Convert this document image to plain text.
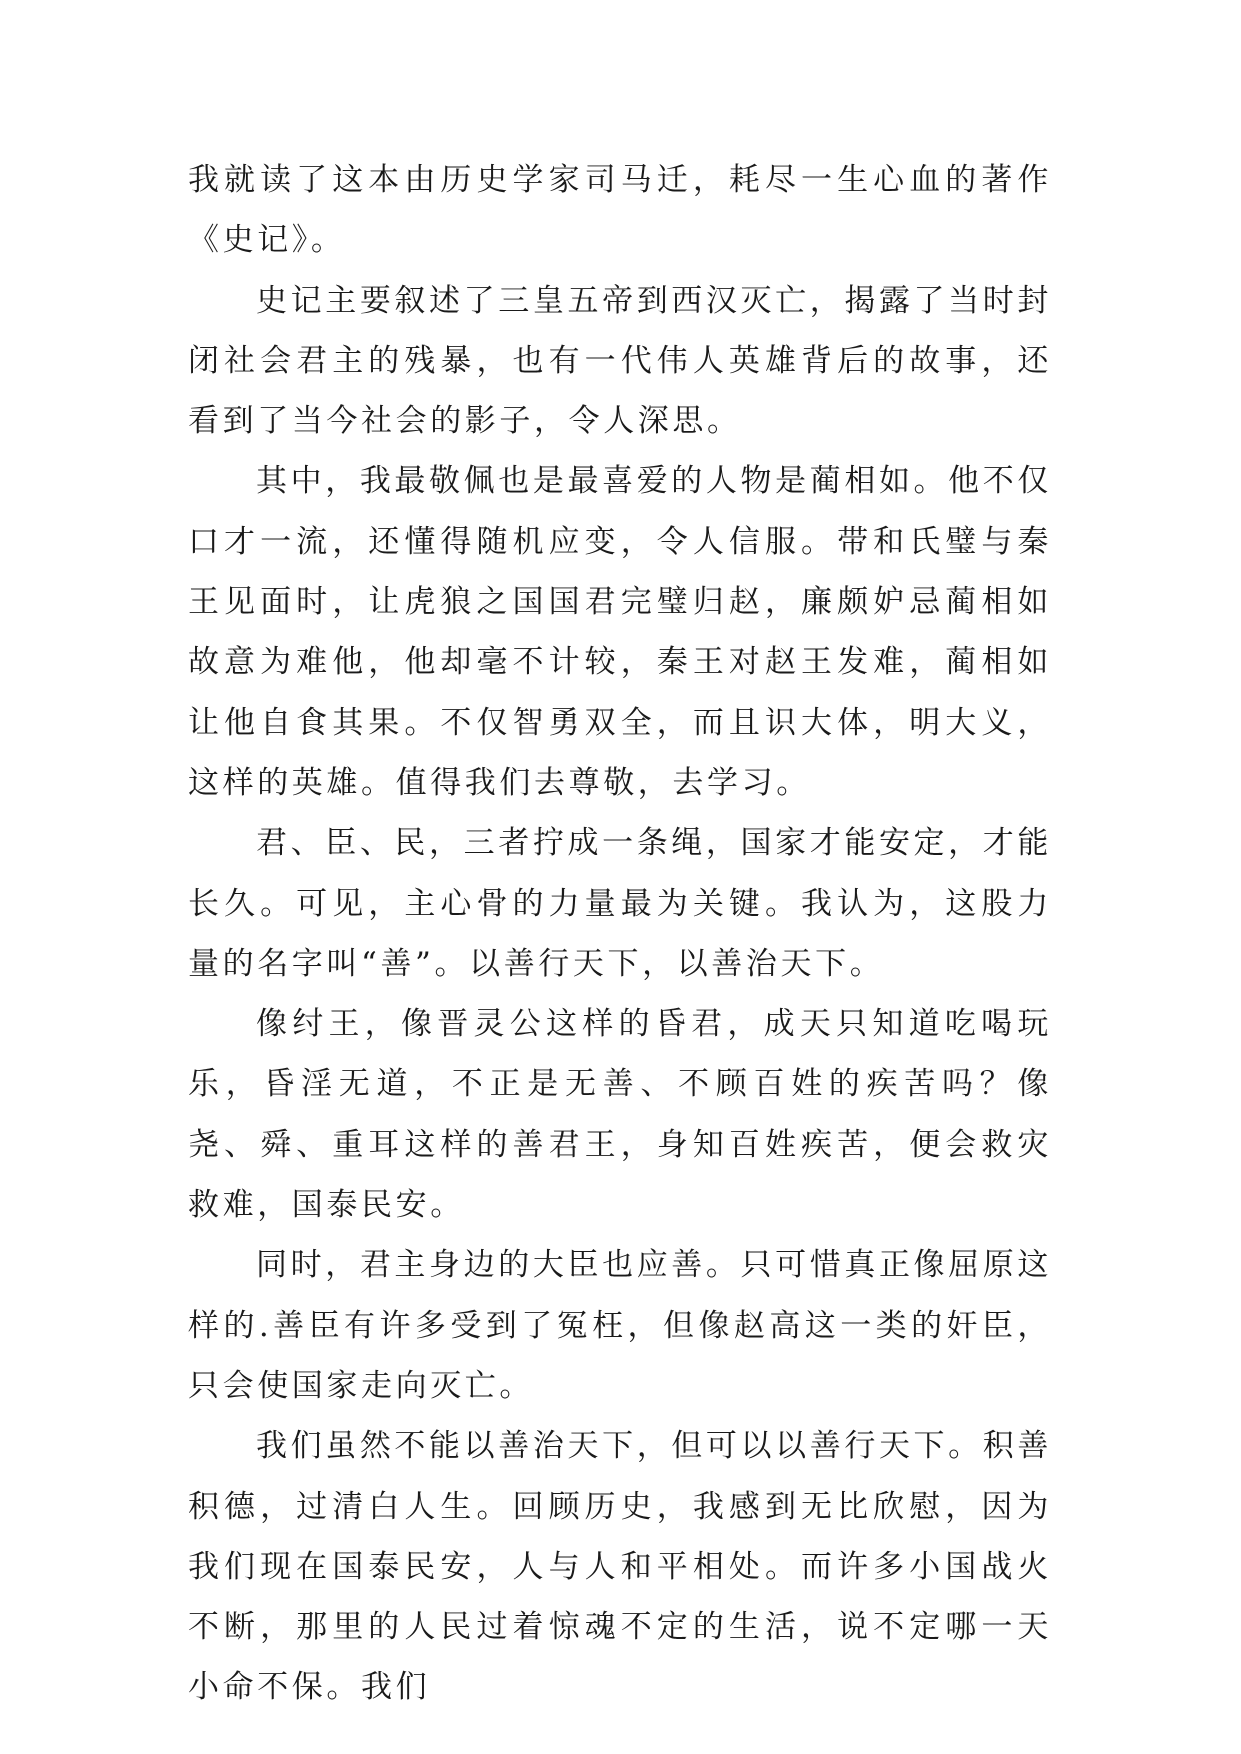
我就读了这本由历史学家司马迁，耗尽一生心血的著作《史记》。

史记主要叙述了三皇五帝到西汉灭亡，揭露了当时封闭社会君主的残暴，也有一代伟人英雄背后的故事，还看到了当今社会的影子，令人深思。

其中，我最敬佩也是最喜爱的人物是蔺相如。他不仅口才一流，还懂得随机应变，令人信服。带和氏璧与秦王见面时，让虎狼之国国君完璧归赵，廉颇妒忌蔺相如故意为难他，他却毫不计较，秦王对赵王发难，蔺相如让他自食其果。不仅智勇双全，而且识大体，明大义，这样的英雄。值得我们去尊敬，去学习。

君、臣、民，三者拧成一条绳，国家才能安定，才能长久。可见，主心骨的力量最为关键。我认为，这股力量的名字叫“善”。以善行天下，以善治天下。

像纣王，像晋灵公这样的昏君，成天只知道吃喝玩乐，昏淫无道，不正是无善、不顾百姓的疾苦吗？像尧、舜、重耳这样的善君王，身知百姓疾苦，便会救灾救难，国泰民安。

同时，君主身边的大臣也应善。只可惜真正像屈原这样的.善臣有许多受到了冤枉，但像赵高这一类的奸臣，只会使国家走向灭亡。

我们虽然不能以善治天下，但可以以善行天下。积善积德，过清白人生。回顾历史，我感到无比欣慰，因为我们现在国泰民安，人与人和平相处。而许多小国战火不断，那里的人民过着惊魂不定的生活，说不定哪一天小命不保。我们
